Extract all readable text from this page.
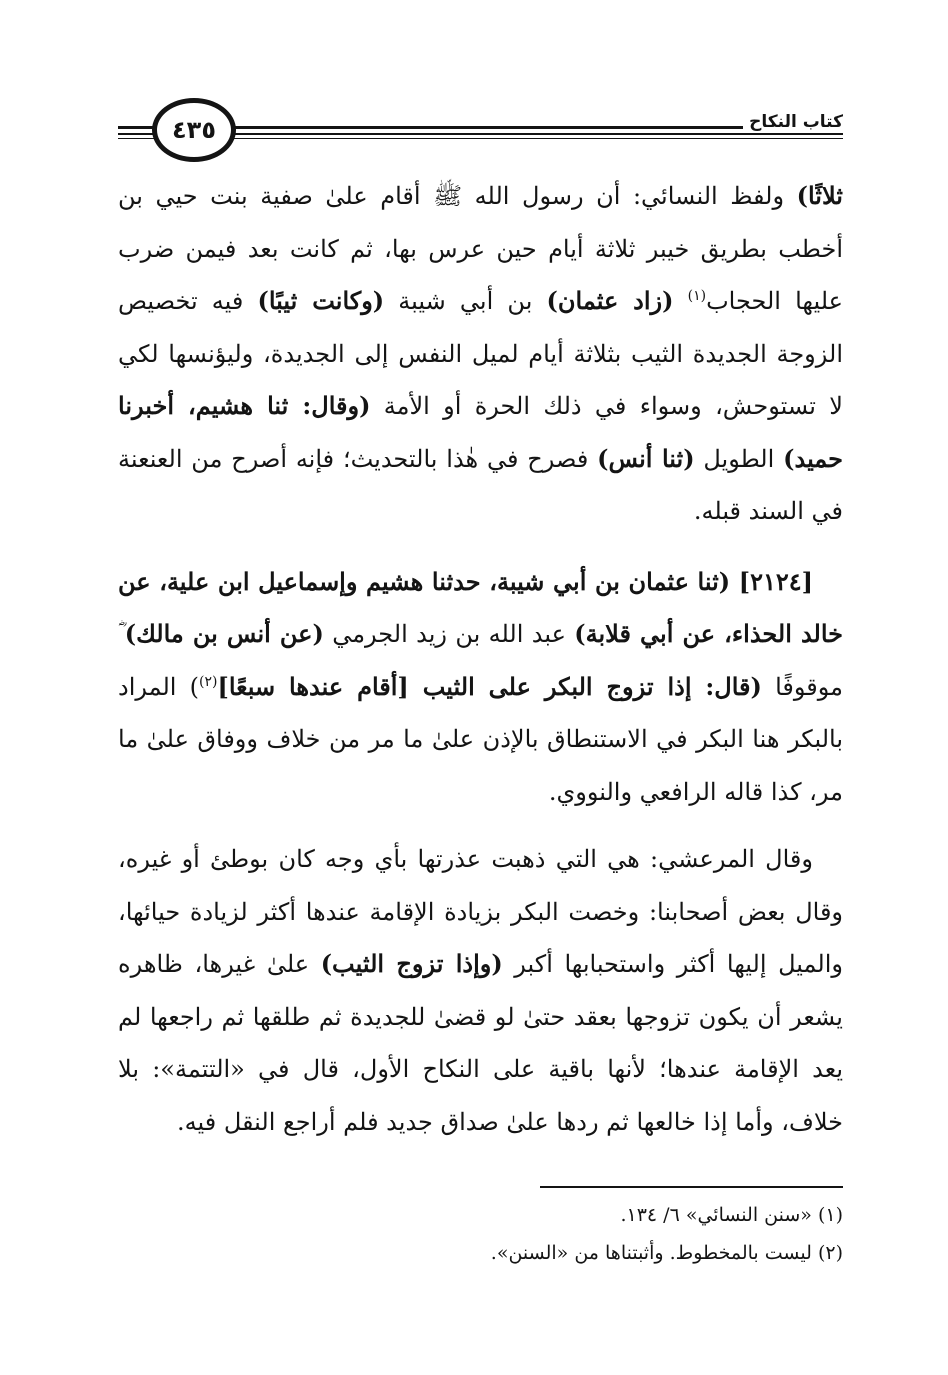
٤٣٥	كتاب النكاح

ثلاثًا) ولفظ النسائي: أن رسول الله ﷺ أقام علىٰ صفية بنت حيي بن أخطب بطريق خيبر ثلاثة أيام حين عرس بها، ثم كانت بعد فيمن ضرب عليها الحجاب$^{(١)}$ (زاد عثمان) بن أبي شيبة (وكانت ثيبًا) فيه تخصيص الزوجة الجديدة الثيب بثلاثة أيام لميل النفس إلى الجديدة، وليؤنسها لكي لا تستوحش، وسواء في ذلك الحرة أو الأمة (وقال: ثنا هشيم، أخبرنا حميد) الطويل (ثنا أنس) فصرح في هٰذا بالتحديث؛ فإنه أصرح من العنعنة في السند قبله.

[٢١٢٤] (ثنا عثمان بن أبي شيبة، حدثنا هشيم وإسماعيل ابن علية، عن خالد الحذاء، عن أبي قلابة) عبد الله بن زيد الجرمي (عن أنس بن مالك) ؓ موقوفًا (قال: إذا تزوج البكر على الثيب [أقام عندها سبعًا]$^{(٢)}$) المراد بالبكر هنا البكر في الاستنطاق بالإذن علىٰ ما مر من خلاف ووفاق علىٰ ما مر، كذا قاله الرافعي والنووي.

وقال المرعشي: هي التي ذهبت عذرتها بأي وجه كان بوطئ أو غيره، وقال بعض أصحابنا: وخصت البكر بزيادة الإقامة عندها أكثر لزيادة حيائها، والميل إليها أكثر واستحبابها أكبر (وإذا تزوج الثيب) علىٰ غيرها، ظاهره يشعر أن يكون تزوجها بعقد حتىٰ لو قضىٰ للجديدة ثم طلقها ثم راجعها لم يعد الإقامة عندها؛ لأنها باقية على النكاح الأول، قال في «التتمة»: بلا خلاف، وأما إذا خالعها ثم ردها علىٰ صداق جديد فلم أراجع النقل فيه.

(١) «سنن النسائي» ٦/ ١٣٤.

(٢) ليست بالمخطوط. وأثبتناها من «السنن».
